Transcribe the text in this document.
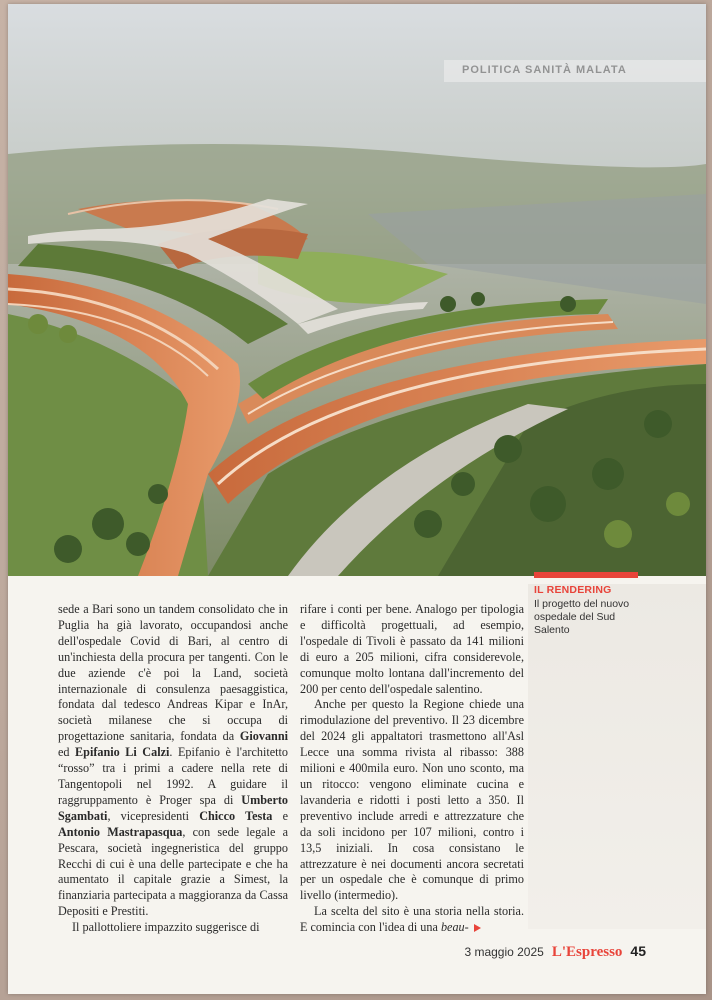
POLITICA SANITÀ MALATA
IL RENDERING
Il progetto del nuovo ospedale del Sud Salento

sede a Bari sono un tandem consolidato che in Puglia ha già lavorato, occupandosi anche dell'ospedale Covid di Bari, al centro di un'inchiesta della procura per tangenti. Con le due aziende c'è poi la Land, società internazionale di consulenza paesaggistica, fondata dal tedesco Andreas Kipar e InAr, società milanese che si occupa di progettazione sanitaria, fondata da Giovanni ed Epifanio Li Calzi. Epifanio è l'architetto “rosso” tra i primi a cadere nella rete di Tangentopoli nel 1992. A guidare il raggruppamento è Proger spa di Umberto Sgambati, vicepresidenti Chicco Testa e Antonio Mastrapasqua, con sede legale a Pescara, società ingegneristica del gruppo Recchi di cui è una delle partecipate e che ha aumentato il capitale grazie a Simest, la finanziaria partecipata a maggioranza da Cassa Depositi e Prestiti.

Il pallottoliere impazzito suggerisce di

rifare i conti per bene. Analogo per tipologia e difficoltà progettuali, ad esempio, l'ospedale di Tivoli è passato da 141 milioni di euro a 205 milioni, cifra considerevole, comunque molto lontana dall'incremento del 200 per cento dell'ospedale salentino.

Anche per questo la Regione chiede una rimodulazione del preventivo. Il 23 dicembre del 2024 gli appaltatori trasmettono all'Asl Lecce una somma rivista al ribasso: 388 milioni e 400mila euro. Non uno sconto, ma un ritocco: vengono eliminate cucina e lavanderia e ridotti i posti letto a 350. Il preventivo include arredi e attrezzature che da soli incidono per 107 milioni, contro i 13,5 iniziali. In cosa consistano le attrezzature è nei documenti ancora secretati per un ospedale che è comunque di primo livello (intermedio).

La scelta del sito è una storia nella storia. E comincia con l'idea di una beau-

3 maggio 2025 L'Espresso 45
